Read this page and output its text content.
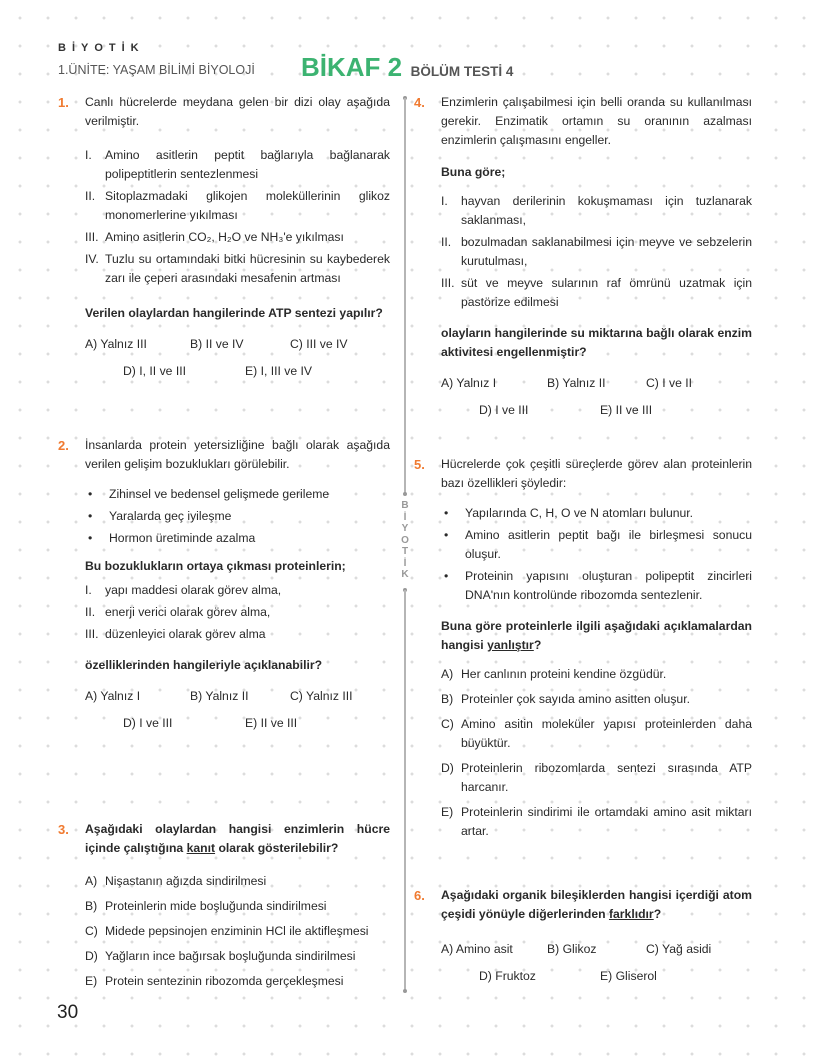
BİYOTİK
1.ÜNİTE: YAŞAM BİLİMİ BİYOLOJİ BİKAF 2 BÖLÜM TESTİ 4
1. Canlı hücrelerde meydana gelen bir dizi olay aşağıda verilmiştir.

I.	Amino asitlerin peptit bağlarıyla bağlanarak polipeptitlerin sentezlenmesi
II. Sitoplazmadaki glikojen moleküllerinin glikoz monomerlerine yıkılması
III. Amino asitlerin CO₂, H₂O ve NH₃'e yıkılması
IV. Tuzlu su ortamındaki bitki hücresinin su kaybederek zarı ile çeperi arasındaki mesafenin artması

Verilen olaylardan hangilerinde ATP sentezi yapılır?

A) Yalnız III	B) II ve IV	C) III ve IV
D) I, II ve III	E) I, III ve IV
2. İnsanlarda protein yetersizliğine bağlı olarak aşağıda verilen gelişim bozuklukları görülebilir.

•	Zihinsel ve bedensel gelişmede gerileme
•	Yaralarda geç iyileşme
•	Hormon üretiminde azalma

Bu bozuklukların ortaya çıkması proteinlerin;

I.	yapı maddesi olarak görev alma,
II. enerji verici olarak görev alma,
III. düzenleyici olarak görev alma

özelliklerinden hangileriyle açıklanabilir?

A) Yalnız I	B) Yalnız II	C) Yalnız III
D) I ve III	E) II ve III
3. Aşağıdaki olaylardan hangisi enzimlerin hücre içinde çalıştığına kanıt olarak gösterilebilir?

A) Nişastanın ağızda sindirilmesi
B) Proteinlerin mide boşluğunda sindirilmesi
C) Midede pepsinojen enziminin HCl ile aktifleşmesi
D) Yağların ince bağırsak boşluğunda sindirilmesi
E) Protein sentezinin ribozomda gerçekleşmesi
B
İ
Y
O
T
İ
K
4. Enzimlerin çalışabilmesi için belli oranda su kullanılması gerekir. Enzimatik ortamın su oranının azalması enzimlerin çalışmasını engeller.

Buna göre;

I.	hayvan derilerinin kokuşmaması için tuzlanarak saklanması,
II. bozulmadan saklanabilmesi için meyve ve sebzelerin kurutulması,
III. süt ve meyve sularının raf ömrünü uzatmak için pastörize edilmesi

olayların hangilerinde su miktarına bağlı olarak enzim aktivitesi engellenmiştir?

A) Yalnız I	B) Yalnız II	C) I ve II
D) I ve III	E) II ve III
5. Hücrelerde çok çeşitli süreçlerde görev alan proteinlerin bazı özellikleri şöyledir:

•	Yapılarında C, H, O ve N atomları bulunur.
•	Amino asitlerin peptit bağı ile birleşmesi sonucu oluşur.
•	Proteinin yapısını oluşturan polipeptit zincirleri DNA'nın kontrolünde ribozomda sentezlenir.

Buna göre proteinlerle ilgili aşağıdaki açıklamalardan hangisi yanlıştır?

A) Her canlının proteini kendine özgüdür.
B) Proteinler çok sayıda amino asitten oluşur.
C) Amino asitin moleküler yapısı proteinlerden daha büyüktür.
D) Proteinlerin ribozomlarda sentezi sırasında ATP harcanır.
E) Proteinlerin sindirimi ile ortamdaki amino asit miktarı artar.
6. Aşağıdaki organik bileşiklerden hangisi içerdiği atom çeşidi yönüyle diğerlerinden farklıdır?

A) Amino asit	B) Glikoz	C) Yağ asidi
D) Fruktoz	E) Gliserol
30
